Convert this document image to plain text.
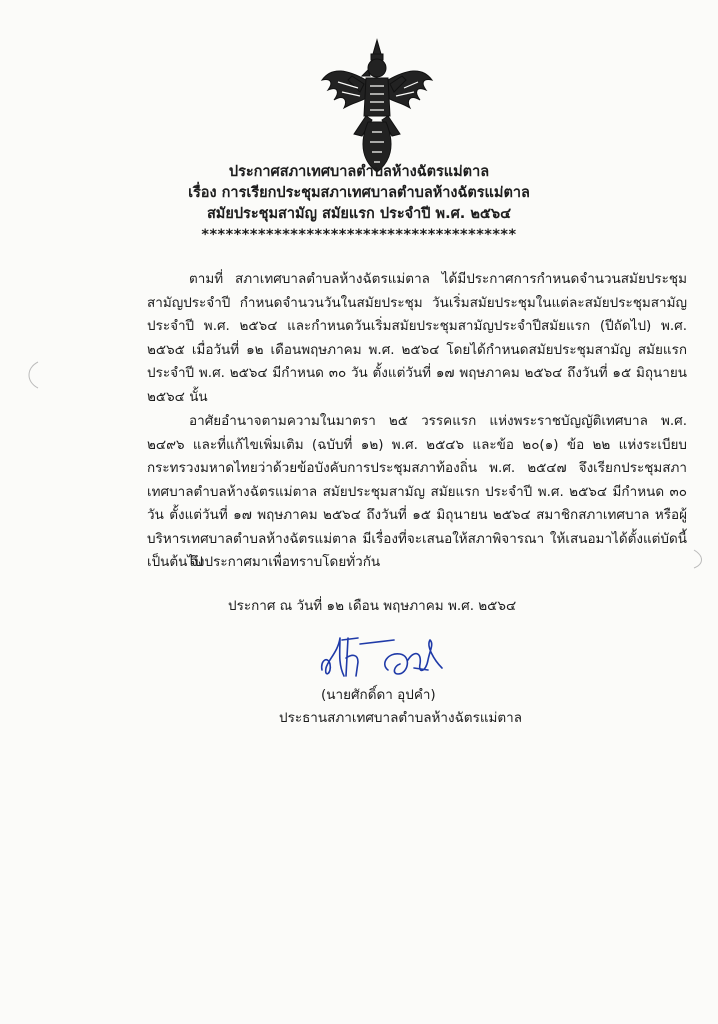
ประกาศสภาเทศบาลตำบลห้างฉัตรแม่ตาล
เรื่อง การเรียกประชุมสภาเทศบาลตำบลห้างฉัตรแม่ตาล
สมัยประชุมสามัญ สมัยแรก ประจำปี พ.ศ. ๒๕๖๔
***************************************

ตามที่ สภาเทศบาลตำบลห้างฉัตรแม่ตาล ได้มีประกาศการกำหนดจำนวนสมัยประชุมสามัญประจำปี กำหนดจำนวนวันในสมัยประชุม วันเริ่มสมัยประชุมในแต่ละสมัยประชุมสามัญประจำปี พ.ศ. ๒๕๖๔ และกำหนดวันเริ่มสมัยประชุมสามัญประจำปีสมัยแรก (ปีถัดไป) พ.ศ. ๒๕๖๕ เมื่อวันที่ ๑๒ เดือนพฤษภาคม พ.ศ. ๒๕๖๔ โดยได้กำหนดสมัยประชุมสามัญ สมัยแรก ประจำปี พ.ศ. ๒๕๖๔ มีกำหนด ๓๐ วัน ตั้งแต่วันที่ ๑๗ พฤษภาคม ๒๕๖๔ ถึงวันที่ ๑๕ มิถุนายน ๒๕๖๔ นั้น

อาศัยอำนาจตามความในมาตรา ๒๕ วรรคแรก แห่งพระราชบัญญัติเทศบาล พ.ศ. ๒๔๙๖ และที่แก้ไขเพิ่มเติม (ฉบับที่ ๑๒) พ.ศ. ๒๕๔๖ และข้อ ๒๐(๑) ข้อ ๒๒ แห่งระเบียบกระทรวงมหาดไทยว่าด้วยข้อบังคับการประชุมสภาท้องถิ่น พ.ศ. ๒๕๔๗ จึงเรียกประชุมสภาเทศบาลตำบลห้างฉัตรแม่ตาล สมัยประชุมสามัญ สมัยแรก ประจำปี พ.ศ. ๒๕๖๔ มีกำหนด ๓๐ วัน ตั้งแต่วันที่ ๑๗ พฤษภาคม ๒๕๖๔ ถึงวันที่ ๑๕ มิถุนายน ๒๕๖๔ สมาชิกสภาเทศบาล หรือผู้บริหารเทศบาลตำบลห้างฉัตรแม่ตาล มีเรื่องที่จะเสนอให้สภาพิจารณา ให้เสนอมาได้ตั้งแต่บัดนี้ เป็นต้นไป

จึงประกาศมาเพื่อทราบโดยทั่วกัน
ประกาศ ณ วันที่ ๑๒ เดือน พฤษภาคม พ.ศ. ๒๕๖๔
(นายศักดิ์ดา อุปคำ)
ประธานสภาเทศบาลตำบลห้างฉัตรแม่ตาล
